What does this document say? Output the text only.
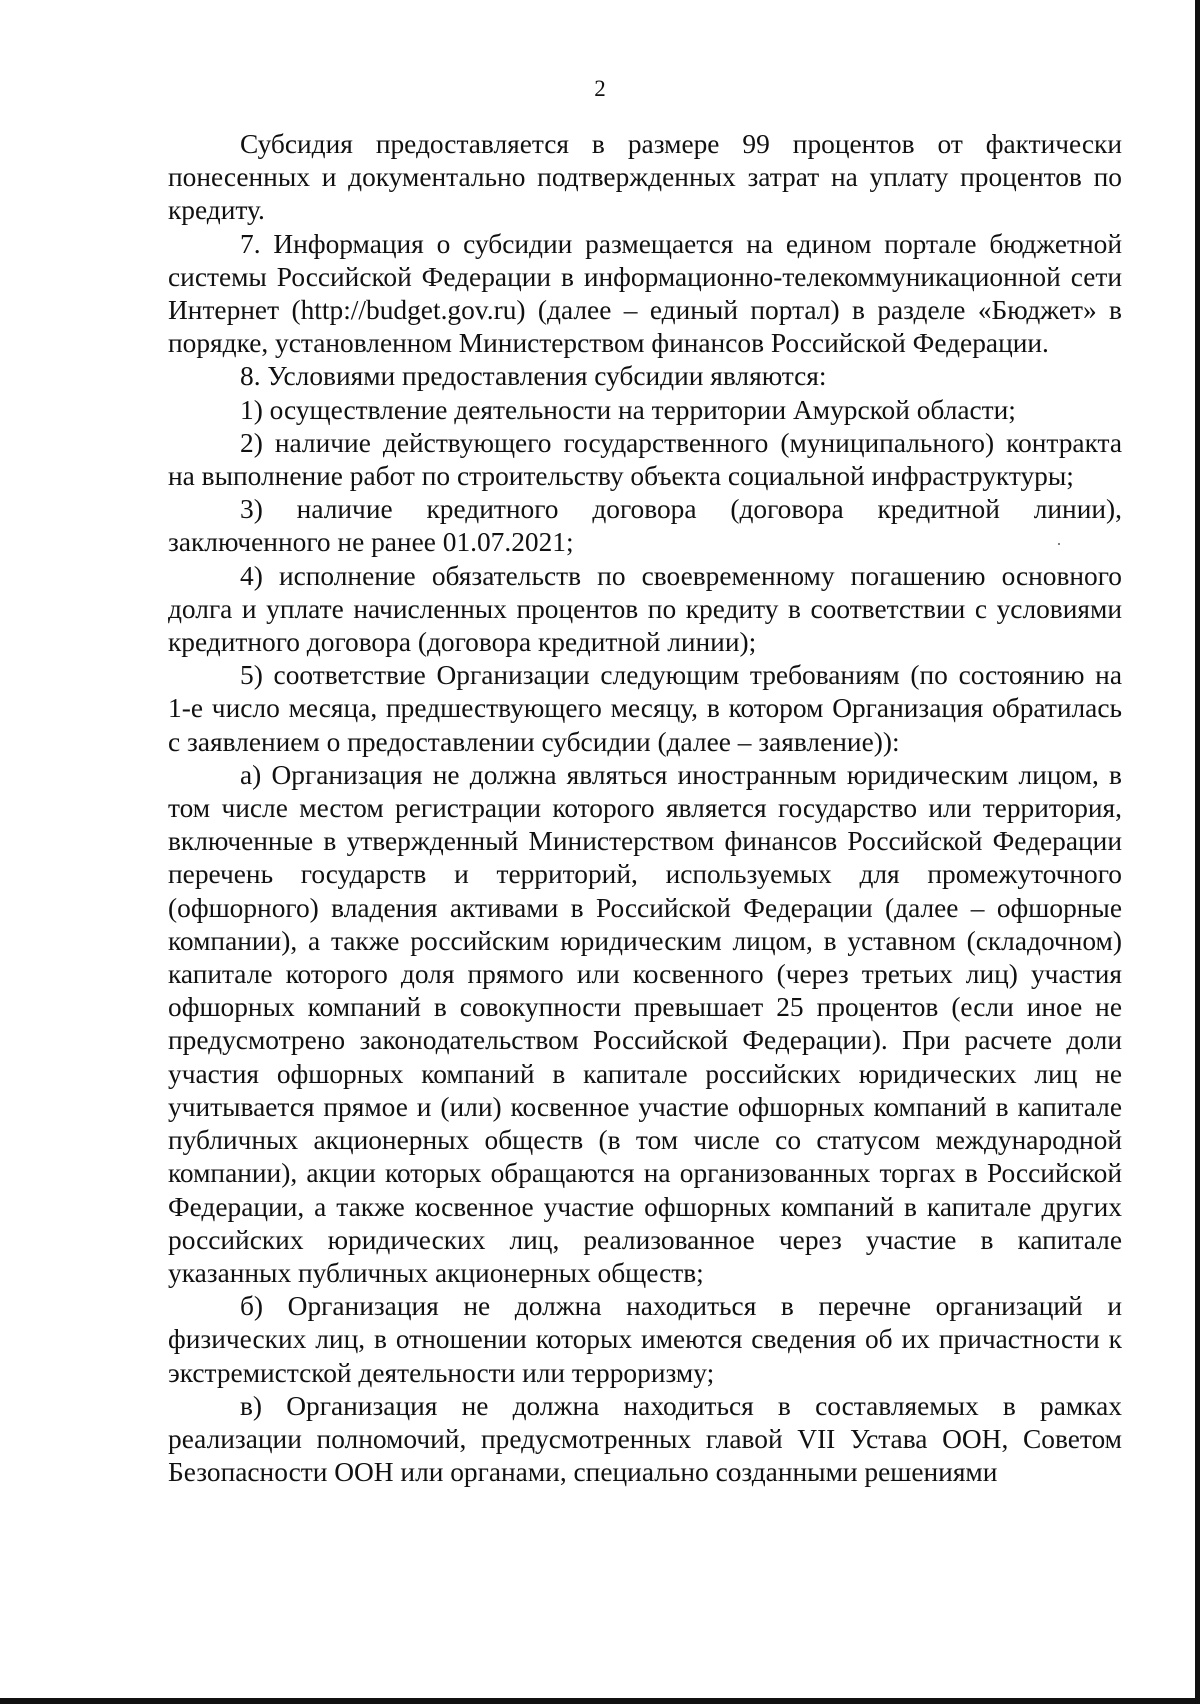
2

Субсидия предоставляется в размере 99 процентов от фактически понесенных и документально подтвержденных затрат на уплату процентов по кредиту.

7. Информация о субсидии размещается на едином портале бюджетной системы Российской Федерации в информационно-телекоммуникационной сети Интернет (http://budget.gov.ru) (далее – единый портал) в разделе «Бюджет» в порядке, установленном Министерством финансов Российской Федерации.

8. Условиями предоставления субсидии являются:

1) осуществление деятельности на территории Амурской области;

2) наличие действующего государственного (муниципального) контракта на выполнение работ по строительству объекта социальной инфраструктуры;

3) наличие кредитного договора (договора кредитной линии), заключенного не ранее 01.07.2021;

4) исполнение обязательств по своевременному погашению основного долга и уплате начисленных процентов по кредиту в соответствии с условиями кредитного договора (договора кредитной линии);

5) соответствие Организации следующим требованиям (по состоянию на 1-е число месяца, предшествующего месяцу, в котором Организация обратилась с заявлением о предоставлении субсидии (далее – заявление)):

а) Организация не должна являться иностранным юридическим лицом, в том числе местом регистрации которого является государство или территория, включенные в утвержденный Министерством финансов Российской Федерации перечень государств и территорий, используемых для промежуточного (офшорного) владения активами в Российской Федерации (далее – офшорные компании), а также российским юридическим лицом, в уставном (складочном) капитале которого доля прямого или косвенного (через третьих лиц) участия офшорных компаний в совокупности превышает 25 процентов (если иное не предусмотрено законодательством Российской Федерации). При расчете доли участия офшорных компаний в капитале российских юридических лиц не учитывается прямое и (или) косвенное участие офшорных компаний в капитале публичных акционерных обществ (в том числе со статусом международной компании), акции которых обращаются на организованных торгах в Российской Федерации, а также косвенное участие офшорных компаний в капитале других российских юридических лиц, реализованное через участие в капитале указанных публичных акционерных обществ;

б) Организация не должна находиться в перечне организаций и физических лиц, в отношении которых имеются сведения об их причастности к экстремистской деятельности или терроризму;

в) Организация не должна находиться в составляемых в рамках реализации полномочий, предусмотренных главой VII Устава ООН, Советом Безопасности ООН или органами, специально созданными решениями
